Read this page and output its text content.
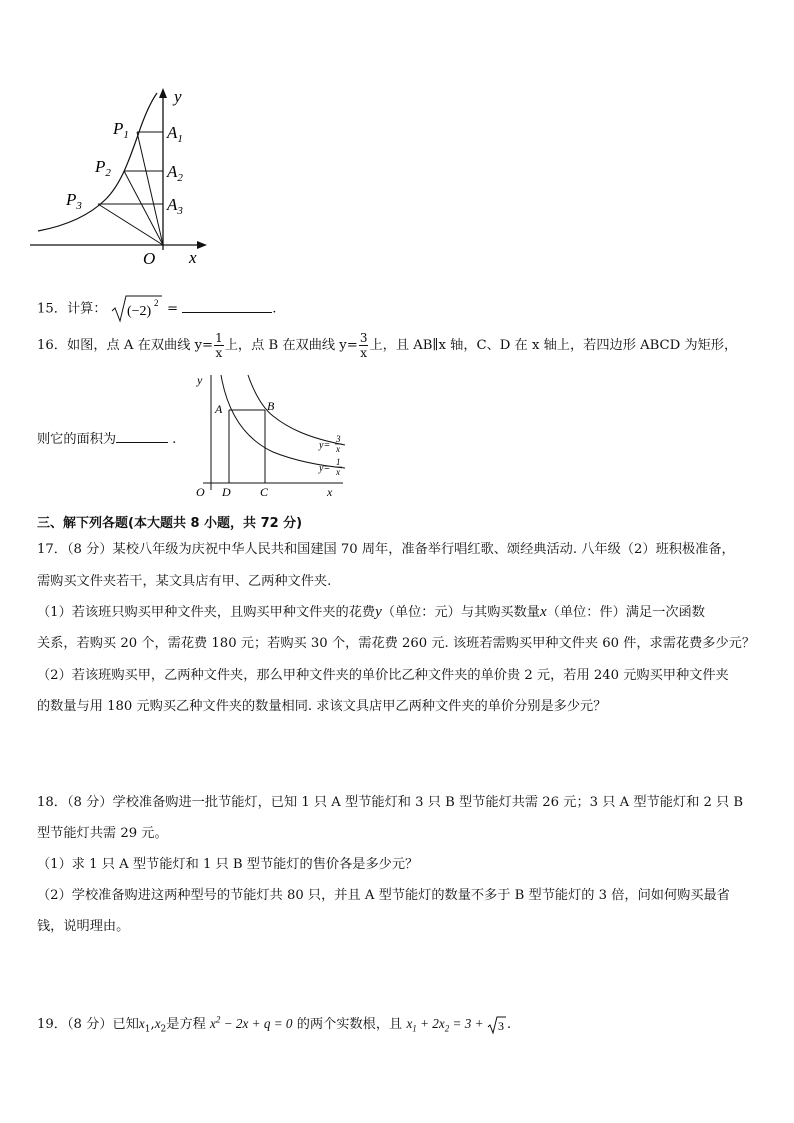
y
x
O
$P_1$
$P_2$
$P_3$
$A_1$
$A_2$
$A_3$
15．计算： (−2)
2 =	.
16．如图，点 A 在双曲线 $y= \frac{1}{x}$ 上，点 B 在双曲线 $y= \frac{3}{x}$ 上，且 AB∥x 轴，C、D 在 x 轴上，若四边形 ABCD 为矩形，
则它的面积为	.
y
x
O
A	B
D C
y=
3
x
y=
1
x
三、解下列各题(本大题共 8 小题，共 72 分)
17．（8 分）某校八年级为庆祝中华人民共和国建国 70 周年，准备举行唱红歌、颂经典活动. 八年级（2）班积极准备，
需购买文件夹若干，某文具店有甲、乙两种文件夹.
（1）若该班只购买甲种文件夹，且购买甲种文件夹的花费y（单位：元）与其购买数量x（单位：件）满足一次函数
关系，若购买 20 个，需花费 180 元；若购买 30 个，需花费 260 元. 该班若需购买甲种文件夹 60 件，求需花费多少元？
（2）若该班购买甲，乙两种文件夹，那么甲种文件夹的单价比乙种文件夹的单价贵 2 元，若用 240 元购买甲种文件夹
的数量与用 180 元购买乙种文件夹的数量相同. 求该文具店甲乙两种文件夹的单价分别是多少元？
18．（8 分）学校准备购进一批节能灯，已知 1 只 A 型节能灯和 3 只 B 型节能灯共需 26 元；3 只 A 型节能灯和 2 只 B
型节能灯共需 29 元。
（1）求 1 只 A 型节能灯和 1 只 B 型节能灯的售价各是多少元？
（2）学校准备购进这两种型号的节能灯共 80 只，并且 A 型节能灯的数量不多于 B 型节能灯的 3 倍，问如何购买最省
钱，说明理由。
19．（8 分）已知$x_1,x_2$是方程 $x^2 - 2x + q = 0$ 的两个实数根，且 $x_1 + 2x_2 = 3 + 3$ .
